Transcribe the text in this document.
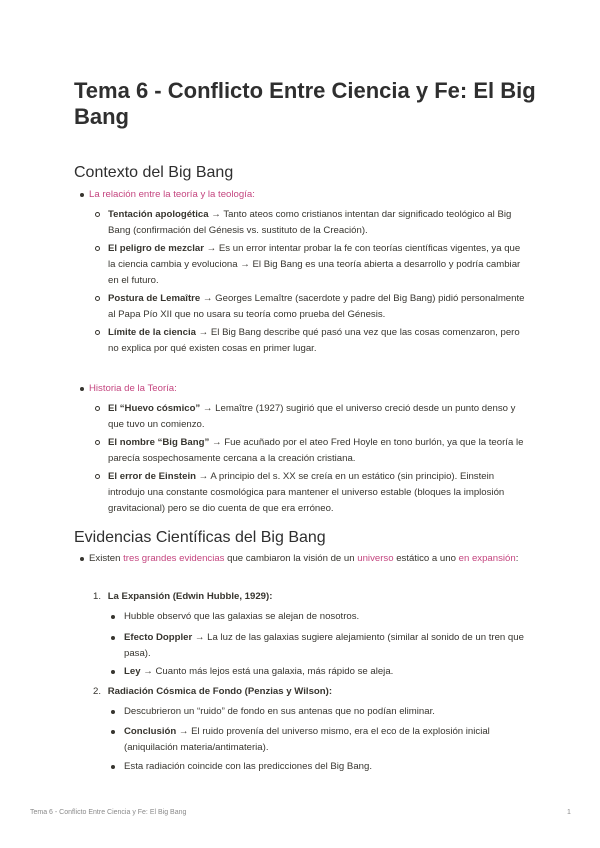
Tema 6 - Conflicto Entre Ciencia y Fe: El Big Bang
Contexto del Big Bang
La relación entre la teoría y la teología:
Tentación apologética → Tanto ateos como cristianos intentan dar significado teológico al Big Bang (confirmación del Génesis vs. sustituto de la Creación).
El peligro de mezclar → Es un error intentar probar la fe con teorías científicas vigentes, ya que la ciencia cambia y evoluciona → El Big Bang es una teoría abierta a desarrollo y podría cambiar en el futuro.
Postura de Lemaître → Georges Lemaître (sacerdote y padre del Big Bang) pidió personalmente al Papa Pío XII que no usara su teoría como prueba del Génesis.
Límite de la ciencia → El Big Bang describe qué pasó una vez que las cosas comenzaron, pero no explica por qué existen cosas en primer lugar.
Historia de la Teoría:
El “Huevo cósmico” → Lemaître (1927) sugirió que el universo creció desde un punto denso y que tuvo un comienzo.
El nombre “Big Bang” → Fue acuñado por el ateo Fred Hoyle en tono burlón, ya que la teoría le parecía sospechosamente cercana a la creación cristiana.
El error de Einstein → A principio del s. XX se creía en un estático (sin principio). Einstein introdujo una constante cosmológica para mantener el universo estable (bloques la implosión gravitacional) pero se dio cuenta de que era erróneo.
Evidencias Científicas del Big Bang
Existen tres grandes evidencias que cambiaron la visión de un universo estático a uno en expansión:
1. La Expansión (Edwin Hubble, 1929):
Hubble observó que las galaxias se alejan de nosotros.
Efecto Doppler → La luz de las galaxias sugiere alejamiento (similar al sonido de un tren que pasa).
Ley → Cuanto más lejos está una galaxia, más rápido se aleja.
2. Radiación Cósmica de Fondo (Penzias y Wilson):
Descubrieron un “ruido” de fondo en sus antenas que no podían eliminar.
Conclusión → El ruido provenía del universo mismo, era el eco de la explosión inicial (aniquilación materia/antimateria).
Esta radiación coincide con las predicciones del Big Bang.
Tema 6 - Conflicto Entre Ciencia y Fe: El Big Bang	1
